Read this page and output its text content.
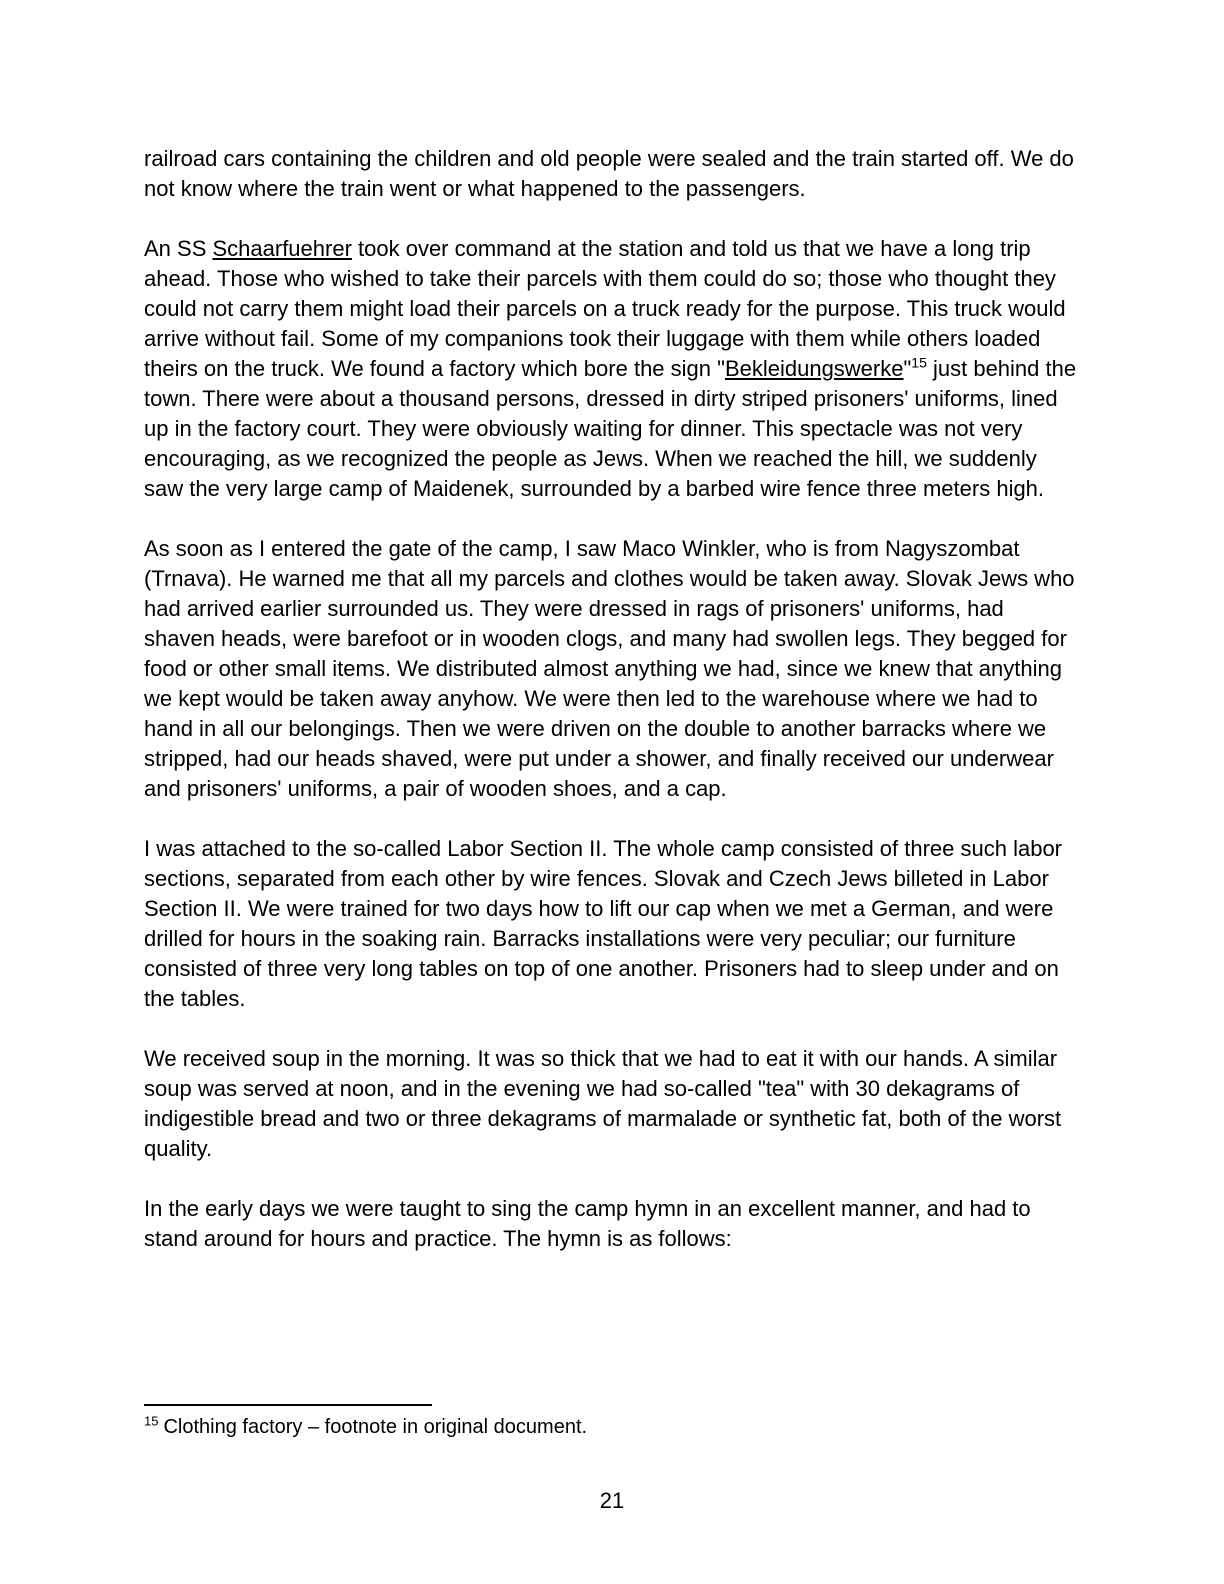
railroad cars containing the children and old people were sealed and the train started off. We do not know where the train went or what happened to the passengers.

An SS Schaarfuehrer took over command at the station and told us that we have a long trip ahead. Those who wished to take their parcels with them could do so; those who thought they could not carry them might load their parcels on a truck ready for the purpose. This truck would arrive without fail. Some of my companions took their luggage with them while others loaded theirs on the truck. We found a factory which bore the sign "Bekleidungswerke"$^{15}$ just behind the town. There were about a thousand persons, dressed in dirty striped prisoners' uniforms, lined up in the factory court. They were obviously waiting for dinner. This spectacle was not very encouraging, as we recognized the people as Jews. When we reached the hill, we suddenly saw the very large camp of Maidenek, surrounded by a barbed wire fence three meters high.

As soon as I entered the gate of the camp, I saw Maco Winkler, who is from Nagyszombat (Trnava). He warned me that all my parcels and clothes would be taken away. Slovak Jews who had arrived earlier surrounded us. They were dressed in rags of prisoners' uniforms, had shaven heads, were barefoot or in wooden clogs, and many had swollen legs. They begged for food or other small items. We distributed almost anything we had, since we knew that anything we kept would be taken away anyhow. We were then led to the warehouse where we had to hand in all our belongings. Then we were driven on the double to another barracks where we stripped, had our heads shaved, were put under a shower, and finally received our underwear and prisoners' uniforms, a pair of wooden shoes, and a cap.

I was attached to the so-called Labor Section II. The whole camp consisted of three such labor sections, separated from each other by wire fences. Slovak and Czech Jews billeted in Labor Section II. We were trained for two days how to lift our cap when we met a German, and were drilled for hours in the soaking rain. Barracks installations were very peculiar; our furniture consisted of three very long tables on top of one another. Prisoners had to sleep under and on the tables.

We received soup in the morning. It was so thick that we had to eat it with our hands. A similar soup was served at noon, and in the evening we had so-called "tea" with 30 dekagrams of indigestible bread and two or three dekagrams of marmalade or synthetic fat, both of the worst quality.

In the early days we were taught to sing the camp hymn in an excellent manner, and had to stand around for hours and practice. The hymn is as follows:

$^{15}$ Clothing factory – footnote in original document.

21
